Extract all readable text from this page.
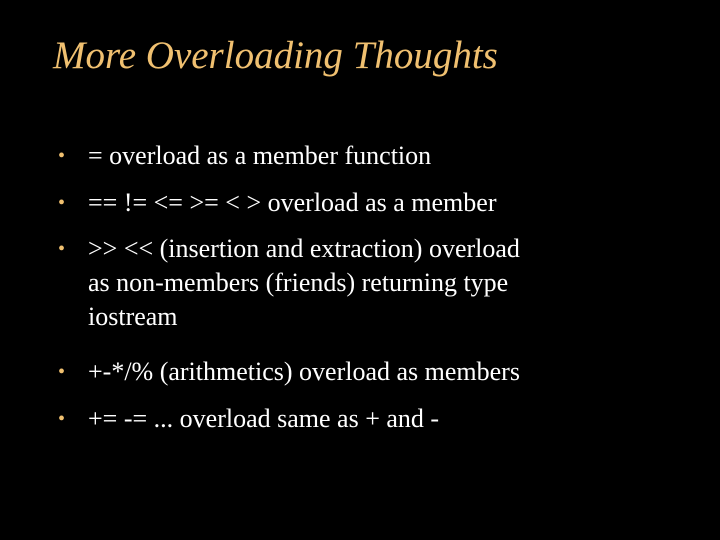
More Overloading Thoughts
• = overload as a member function

• == != <= >= < > overload as a member

• >> << (insertion and extraction) overload
as non-members (friends) returning type
iostream

• +-*/% (arithmetics) overload as members

• += -= ... overload same as + and -
